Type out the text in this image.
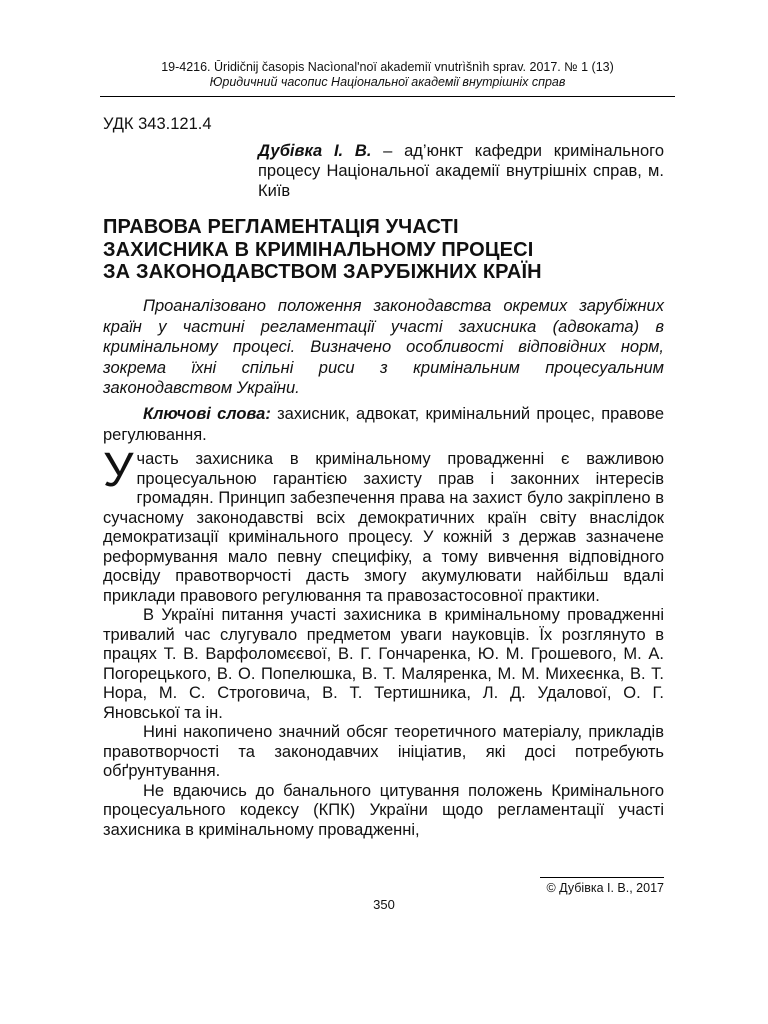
19-4216. Ūridičnij časopis Nacìonal'noï akademiï vnutrìšnìh sprav. 2017. № 1 (13)
Юридичний часопис Національної академії внутрішніх справ
УДК 343.121.4
Дубівка І. В. – ад’юнкт кафедри кримінального процесу Національної академії внутрішніх справ, м. Київ
ПРАВОВА РЕГЛАМЕНТАЦІЯ УЧАСТІ
ЗАХИСНИКА В КРИМІНАЛЬНОМУ ПРОЦЕСІ
ЗА ЗАКОНОДАВСТВОМ ЗАРУБІЖНИХ КРАЇН
Проаналізовано положення законодавства окремих зарубіжних країн у частині регламентації участі захисника (адвоката) в кримінальному процесі. Визначено особливості відповідних норм, зокрема їхні спільні риси з кримінальним процесуальним законодавством України.
Ключові слова: захисник, адвокат, кримінальний процес, правове регулювання.

Участь захисника в кримінальному провадженні є важливою процесуальною гарантією захисту прав і законних інтересів громадян. Принцип забезпечення права на захист було закріплено в сучасному законодавстві всіх демократичних країн світу внаслідок демократизації кримінального процесу. У кожній з держав зазначене реформування мало певну специфіку, а тому вивчення відповідного досвіду правотворчості дасть змогу акумулювати найбільш вдалі приклади правового регулювання та правозастосовної практики.

В Україні питання участі захисника в кримінальному провадженні тривалий час слугувало предметом уваги науковців. Їх розглянуто в працях Т. В. Варфоломєєвої, В. Г. Гончаренка, Ю. М. Грошевого, М. А. Погорецького, В. О. Попелюшка, В. Т. Маляренка, М. М. Михеєнка, В. Т. Нора, М. С. Строговича, В. Т. Тертишника, Л. Д. Удалової, О. Г. Яновської та ін.

Нині накопичено значний обсяг теоретичного матеріалу, прикладів правотворчості та законодавчих ініціатив, які досі потребують обґрунтування.

Не вдаючись до банального цитування положень Кримінального процесуального кодексу (КПК) України щодо регламентації участі захисника в кримінальному провадженні,

© Дубівка І. В., 2017
350
